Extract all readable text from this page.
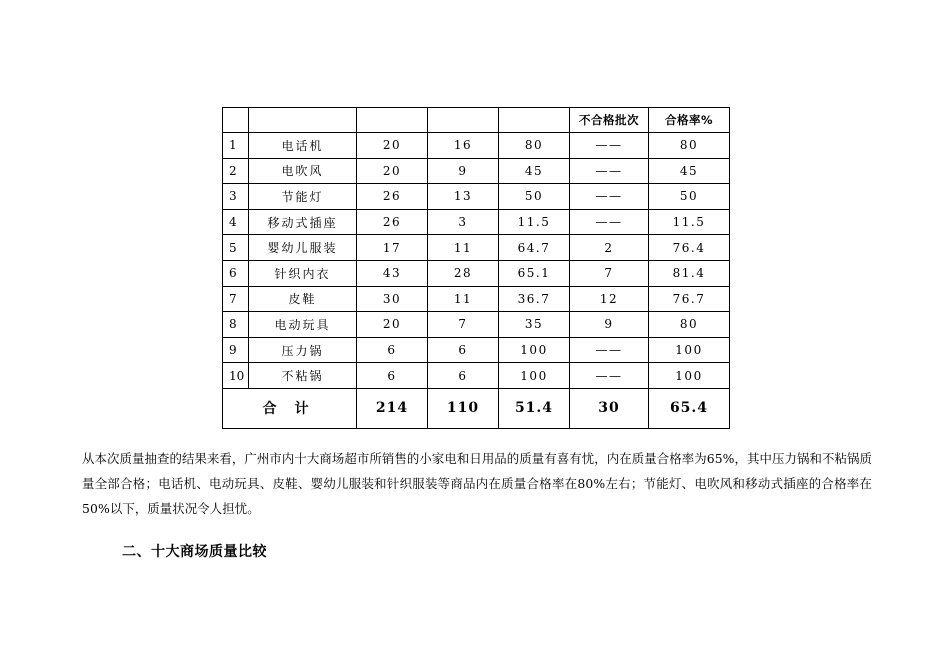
					不合格批次	合格率%
1	电话机	20	16	80	——	80
2	电吹风	20	9	45	——	45
3	节能灯	26	13	50	——	50
4	移动式插座	26	3	11.5	——	11.5
5	婴幼儿服装	17	11	64.7	2	76.4
6	针织内衣	43	28	65.1	7	81.4
7	皮鞋	30	11	36.7	12	76.7
8	电动玩具	20	7	35	9	80
9	压力锅	6	6	100	——	100
10	不粘锅	6	6	100	——	100
合计		214	110	51.4	30	65.4
从本次质量抽查的结果来看，广州市内十大商场超市所销售的小家电和日用品的质量有喜有忧，内在质量合格率为65%，其中压力锅和不粘锅质量全部合格；电话机、电动玩具、皮鞋、婴幼儿服装和针织服装等商品内在质量合格率在80%左右；节能灯、电吹风和移动式插座的合格率在50%以下，质量状况令人担忧。
二、十大商场质量比较
